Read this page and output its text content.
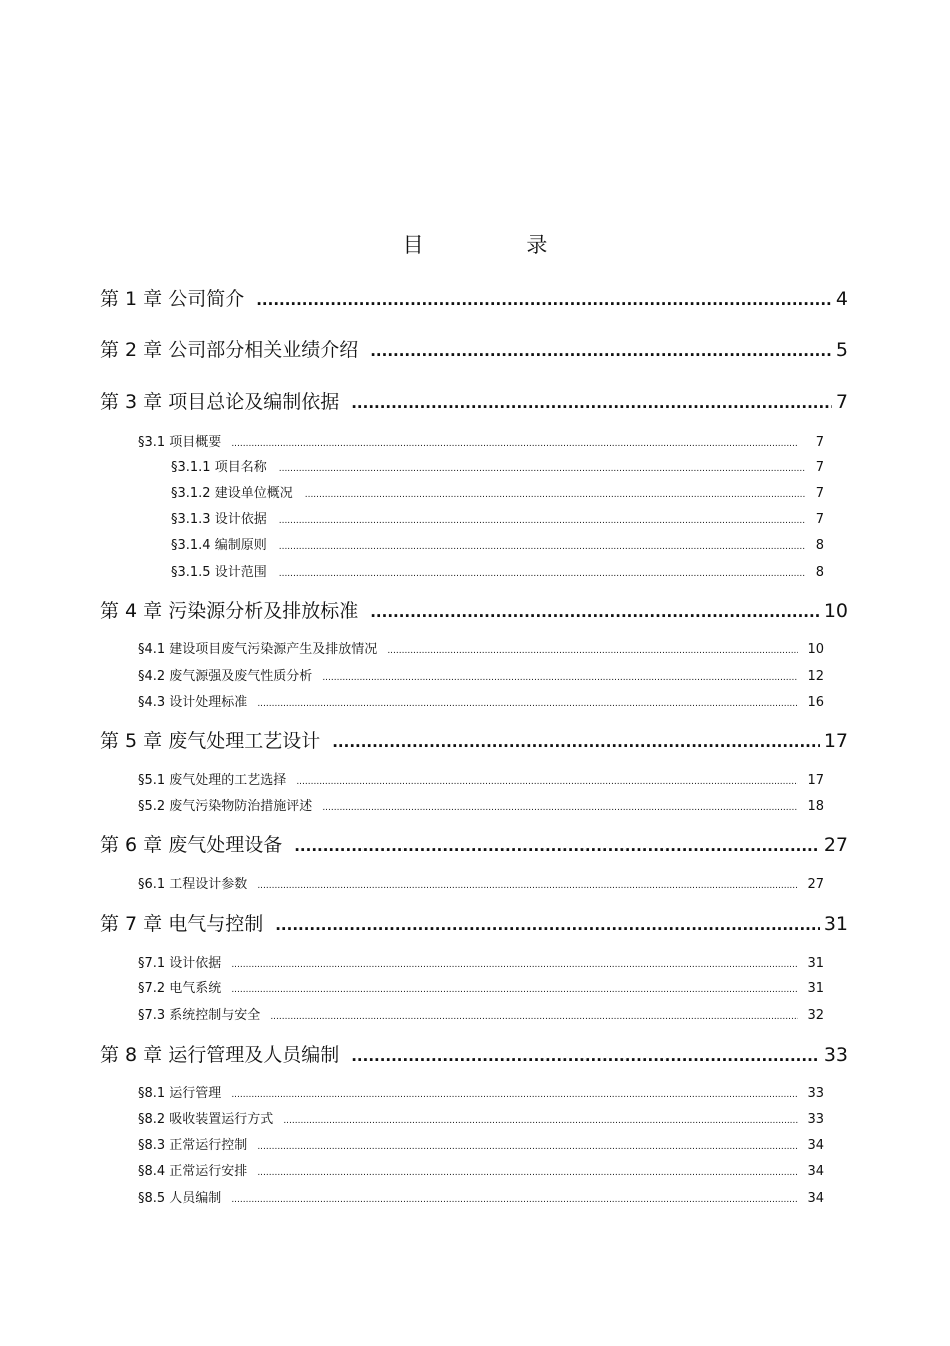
目 录
第 1 章 公司简介 .....	4
第 2 章 公司部分相关业绩介绍 .....	5
第 3 章 项目总论及编制依据 .....	7
§3.1 项目概要 .....	7
§3.1.1 项目名称 .....	7
§3.1.2 建设单位概况 .....	7
§3.1.3 设计依据 .....	7
§3.1.4 编制原则 .....	8
§3.1.5 设计范围 .....	8
第 4 章 污染源分析及排放标准 .....	10
§4.1 建设项目废气污染源产生及排放情况 .....	10
§4.2 废气源强及废气性质分析 .....	12
§4.3 设计处理标准 .....	16
第 5 章 废气处理工艺设计 .....	17
§5.1 废气处理的工艺选择 .....	17
§5.2 废气污染物防治措施评述 .....	18
第 6 章 废气处理设备 .....	27
§6.1 工程设计参数 .....	27
第 7 章 电气与控制 .....	31
§7.1 设计依据 .....	31
§7.2 电气系统 .....	31
§7.3 系统控制与安全 .....	32
第 8 章 运行管理及人员编制 .....	33
§8.1 运行管理 .....	33
§8.2 吸收装置运行方式 .....	33
§8.3 正常运行控制 .....	34
§8.4 正常运行安排 .....	34
§8.5 人员编制 .....	34
